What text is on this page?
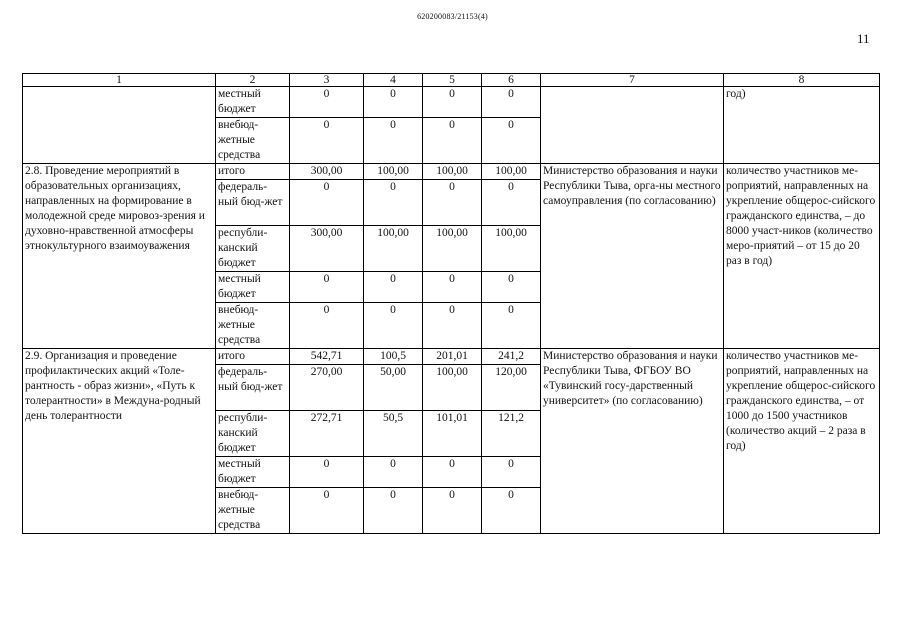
620200083/21153(4)
11
1	2	3	4	5	6	7	8
	местный бюджет	0	0	0	0		год)
	внебюд-жетные средства	0	0	0	0		
2.8. Проведение мероприятий в образовательных организациях, направленных на формирование в молодежной среде мировоз-зрения и духовно-нравственной атмосферы этнокультурного взаимоуважения	итого	300,00	100,00	100,00	100,00	Министерство образования и науки Республики Тыва, орга-ны местного самоуправления (по согласованию)	количество участников ме-роприятий, направленных на укрепление общерос-сийского гражданского единства, – до 8000 участ-ников (количество меро-приятий – от 15 до 20 раз в год)
	федераль-ный бюд-жет	0	0	0	0		
	республи-канский бюджет	300,00	100,00	100,00	100,00		
	местный бюджет	0	0	0	0		
	внебюд-жетные средства	0	0	0	0		
2.9. Организация и проведение профилактических акций «Толе-рантность - образ жизни», «Путь к толерантности» в Междуна-родный день толерантности	итого	542,71	100,5	201,01	241,2	Министерство образования и науки Республики Тыва, ФГБОУ ВО «Тувинский госу-дарственный университет» (по согласованию)	количество участников ме-роприятий, направленных на укрепление общерос-сийского гражданского единства, – от 1000 до 1500 участников (количество акций – 2 раза в год)
	федераль-ный бюд-жет	270,00	50,00	100,00	120,00		
	республи-канский бюджет	272,71	50,5	101,01	121,2		
	местный бюджет	0	0	0	0		
	внебюд-жетные средства	0	0	0	0		
